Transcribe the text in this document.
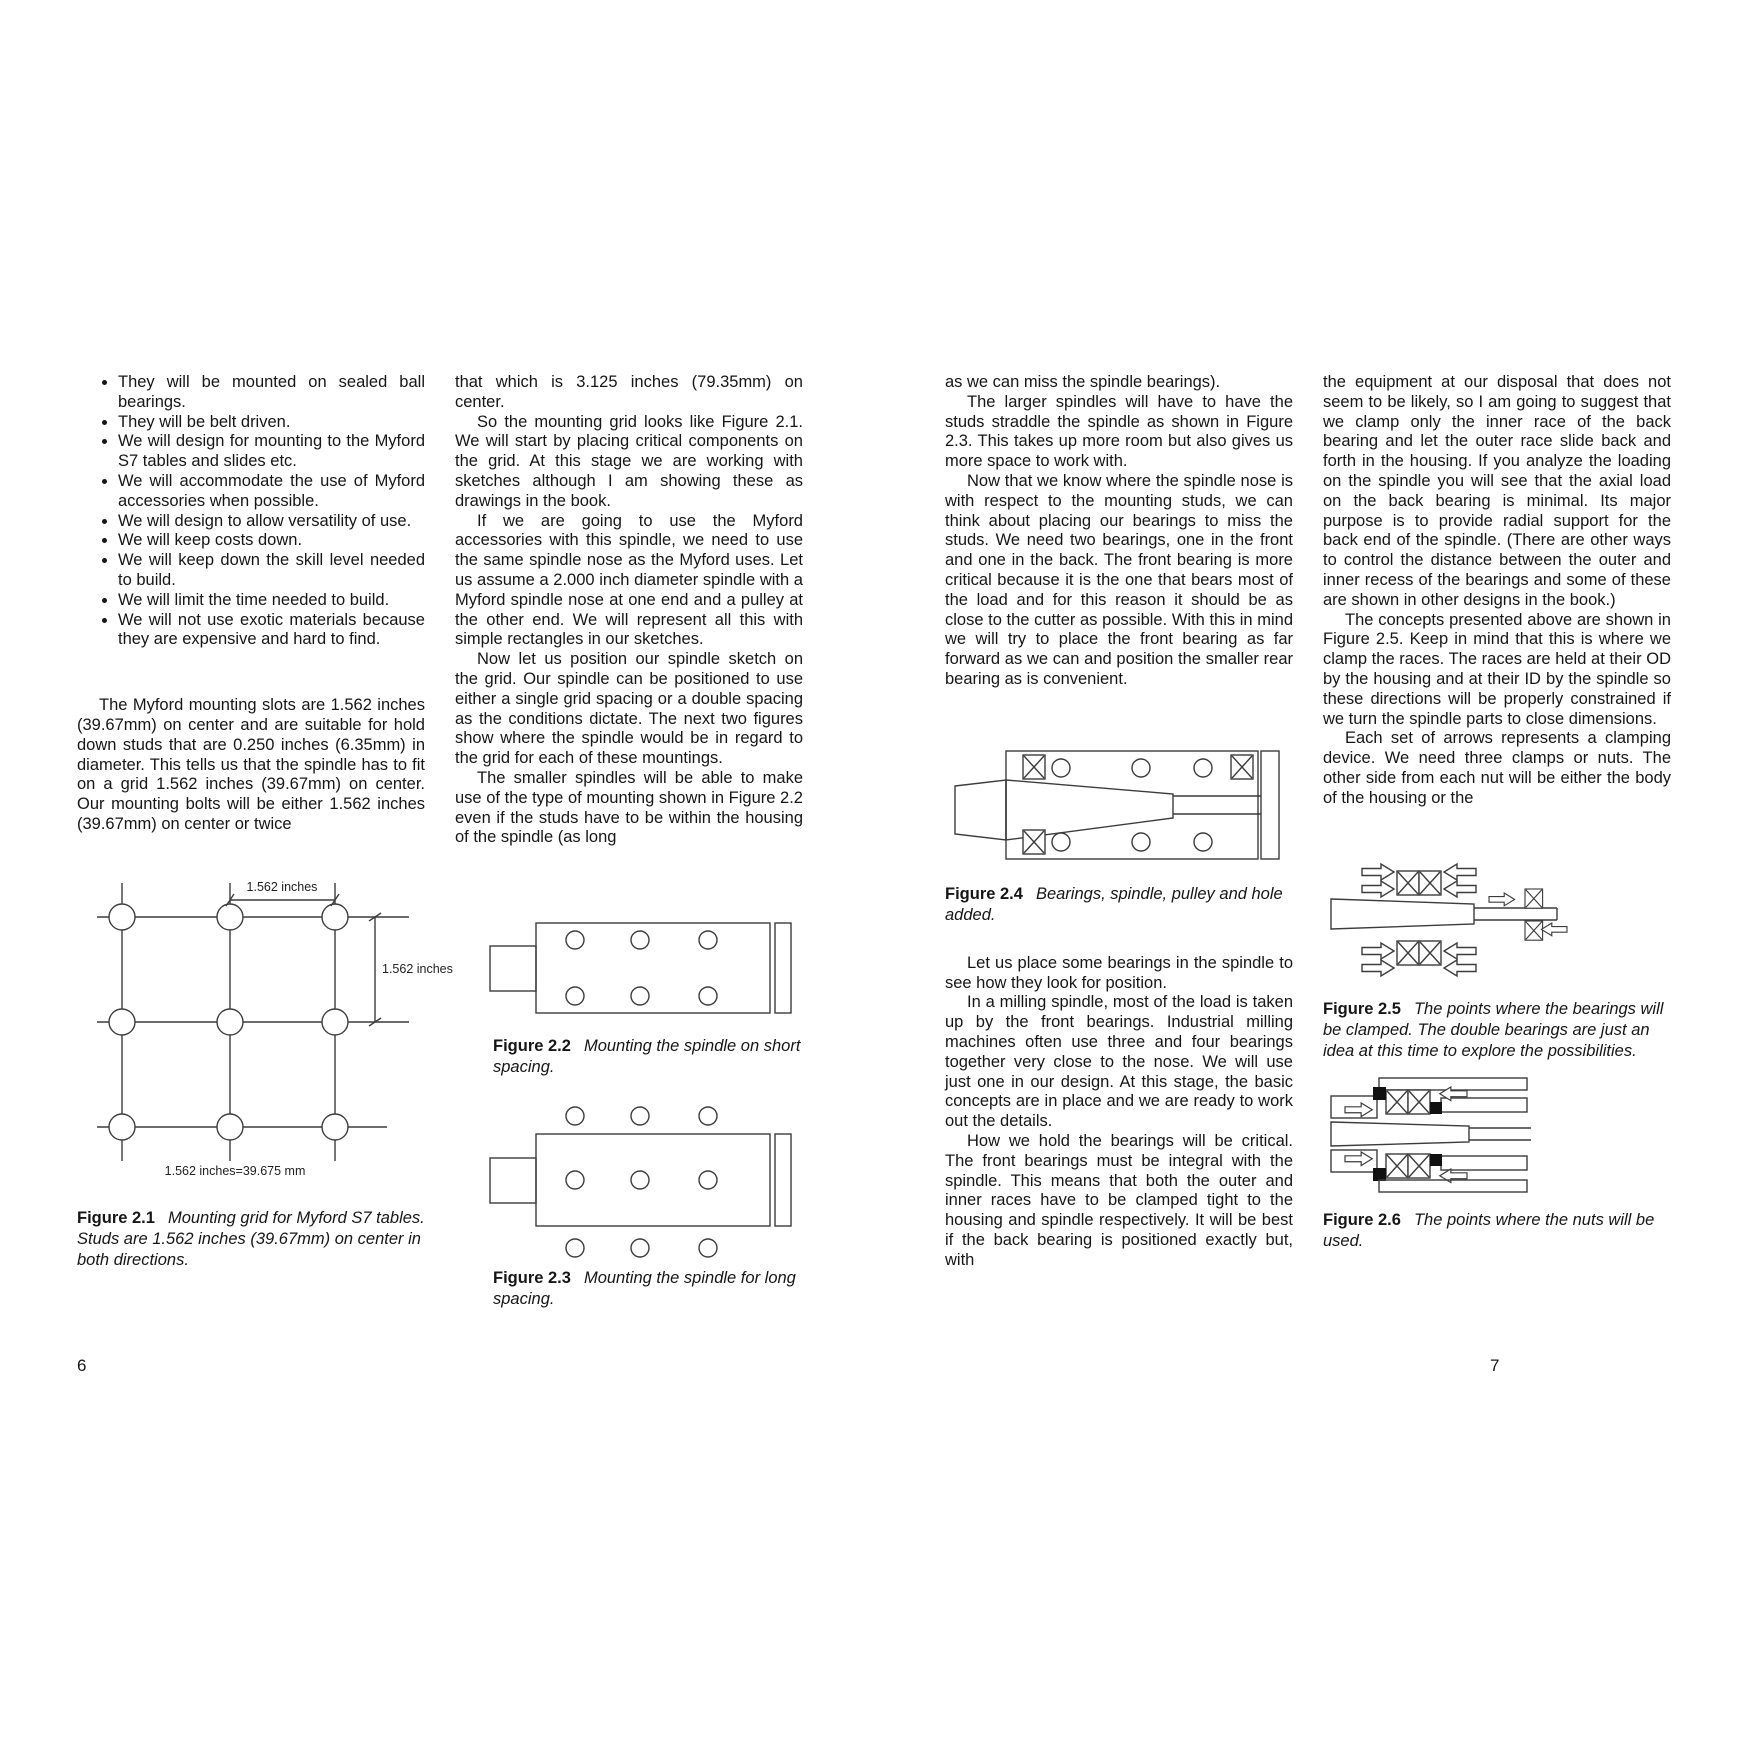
• They will be mounted on sealed ball bearings.
• They will be belt driven.
• We will design for mounting to the Myford S7 tables and slides etc.
• We will accommodate the use of Myford accessories when possible.
• We will design to allow versatility of use.
• We will keep costs down.
• We will keep down the skill level needed to build.
• We will limit the time needed to build.
• We will not use exotic materials because they are expensive and hard to find.

The Myford mounting slots are 1.562 inches (39.67mm) on center and are suitable for hold down studs that are 0.250 inches (6.35mm) in diameter. This tells us that the spindle has to fit on a grid 1.562 inches (39.67mm) on center. Our mounting bolts will be either 1.562 inches (39.67mm) on center or twice

1.562 inches
1.562 inches
1.562 inches=39.675 mm

Figure 2.1 Mounting grid for Myford S7 tables. Studs are 1.562 inches (39.67mm) on center in both directions.

that which is 3.125 inches (79.35mm) on center.

So the mounting grid looks like Figure 2.1. We will start by placing critical components on the grid. At this stage we are working with sketches although I am showing these as drawings in the book.

If we are going to use the Myford accessories with this spindle, we need to use the same spindle nose as the Myford uses. Let us assume a 2.000 inch diameter spindle with a Myford spindle nose at one end and a pulley at the other end. We will represent all this with simple rectangles in our sketches.

Now let us position our spindle sketch on the grid. Our spindle can be positioned to use either a single grid spacing or a double spacing as the conditions dictate. The next two figures show where the spindle would be in regard to the grid for each of these mountings.

The smaller spindles will be able to make use of the type of mounting shown in Figure 2.2 even if the studs have to be within the housing of the spindle (as long

Figure 2.2 Mounting the spindle on short spacing.

Figure 2.3 Mounting the spindle for long spacing.

as we can miss the spindle bearings).

The larger spindles will have to have the studs straddle the spindle as shown in Figure 2.3. This takes up more room but also gives us more space to work with.

Now that we know where the spindle nose is with respect to the mounting studs, we can think about placing our bearings to miss the studs. We need two bearings, one in the front and one in the back. The front bearing is more critical because it is the one that bears most of the load and for this reason it should be as close to the cutter as possible. With this in mind we will try to place the front bearing as far forward as we can and position the smaller rear bearing as is convenient.

Figure 2.4 Bearings, spindle, pulley and hole added.

Let us place some bearings in the spindle to see how they look for position.

In a milling spindle, most of the load is taken up by the front bearings. Industrial milling machines often use three and four bearings together very close to the nose. We will use just one in our design. At this stage, the basic concepts are in place and we are ready to work out the details.

How we hold the bearings will be critical. The front bearings must be integral with the spindle. This means that both the outer and inner races have to be clamped tight to the housing and spindle respectively. It will be best if the back bearing is positioned exactly but, with

the equipment at our disposal that does not seem to be likely, so I am going to suggest that we clamp only the inner race of the back bearing and let the outer race slide back and forth in the housing. If you analyze the loading on the spindle you will see that the axial load on the back bearing is minimal. Its major purpose is to provide radial support for the back end of the spindle. (There are other ways to control the distance between the outer and inner recess of the bearings and some of these are shown in other designs in the book.)

The concepts presented above are shown in Figure 2.5. Keep in mind that this is where we clamp the races. The races are held at their OD by the housing and at their ID by the spindle so these directions will be properly constrained if we turn the spindle parts to close dimensions.

Each set of arrows represents a clamping device. We need three clamps or nuts. The other side from each nut will be either the body of the housing or the

Figure 2.5 The points where the bearings will be clamped. The double bearings are just an idea at this time to explore the possibilities.

Figure 2.6 The points where the nuts will be used.

6	7
